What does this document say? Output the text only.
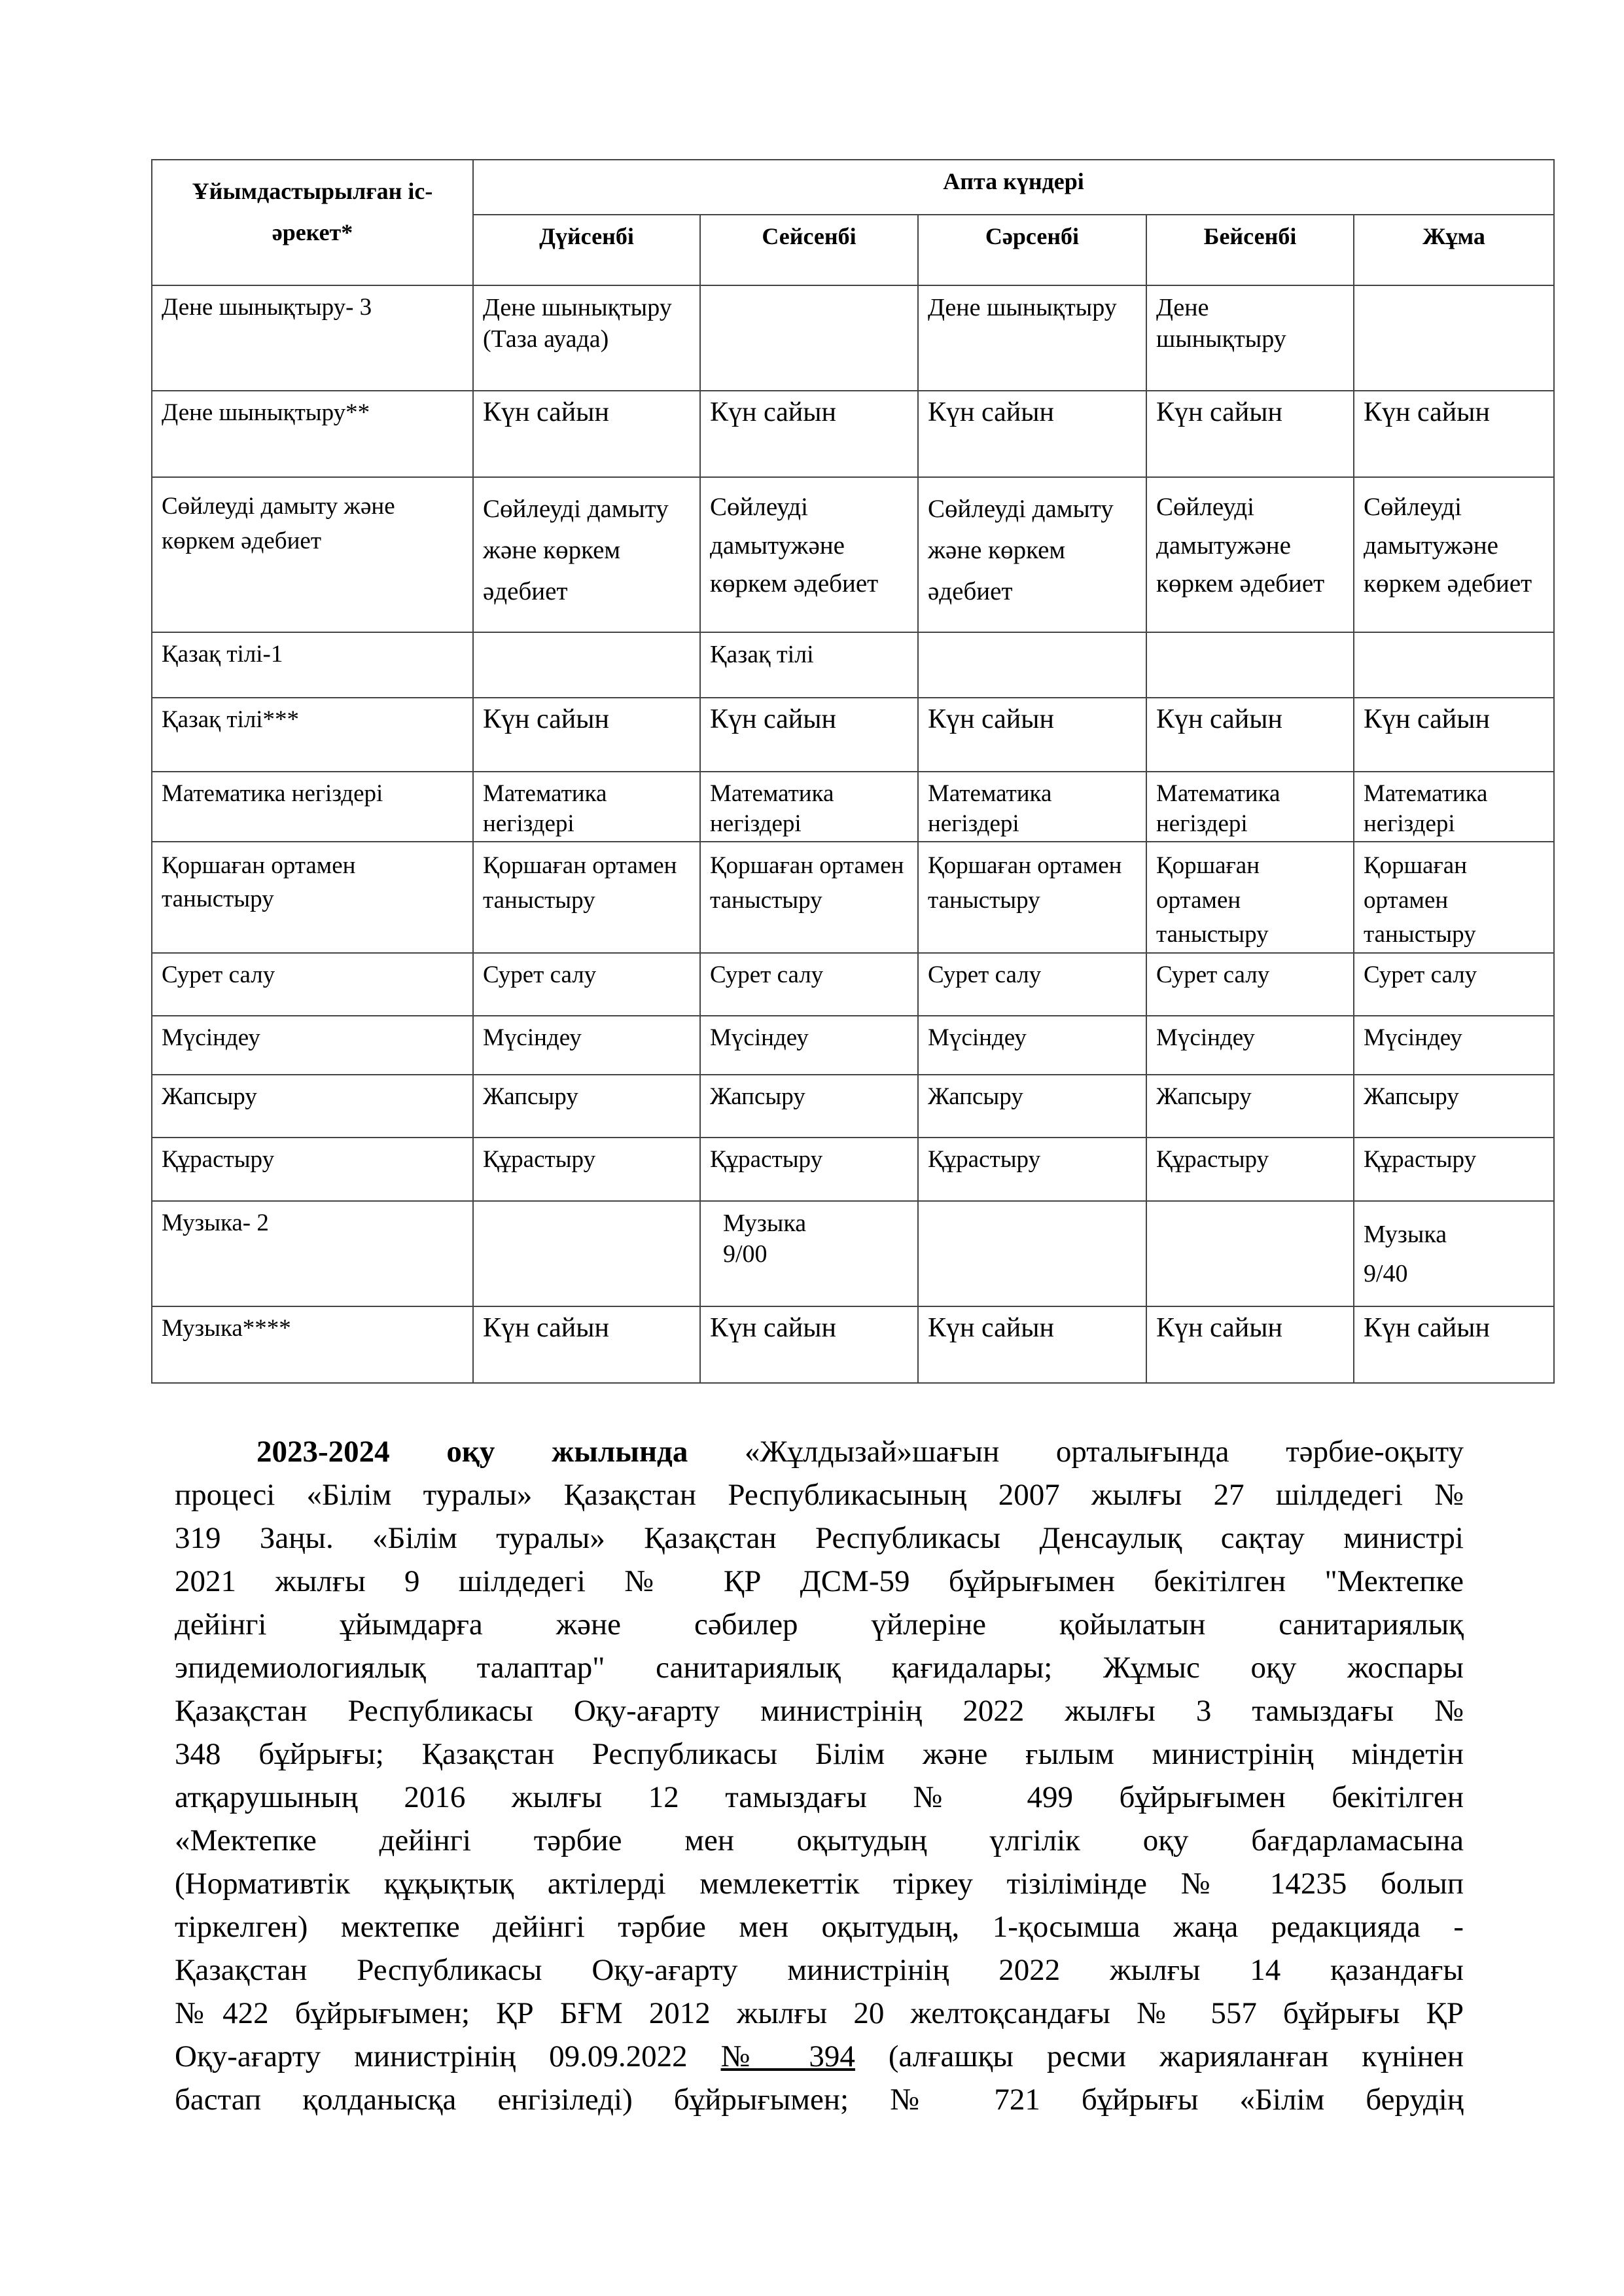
Ұйымдастырылған іс-әрекет*	Апта күндері				
	Дүйсенбі	Сейсенбі	Сәрсенбі	Бейсенбі	Жұма
Дене шынықтыру- 3	Дене шынықтыру (Таза ауада)		Дене шынықтыру	Дене шынықтыру	
Дене шынықтыру**	Күн сайын	Күн сайын	Күн сайын	Күн сайын	Күн сайын
Сөйлеуді дамыту және көркем әдебиет	Сөйлеуді дамыту және көркем әдебиет	Сөйлеуді дамытужәне көркем әдебиет	Сөйлеуді дамыту және көркем әдебиет	Сөйлеуді дамытужәне көркем әдебиет	Сөйлеуді дамытужәне көркем әдебиет
Қазақ тілі-1		Қазақ тілі			
Қазақ тілі***	Күн сайын	Күн сайын	Күн сайын	Күн сайын	Күн сайын
Математика негіздері	Математика негіздері	Математика негіздері	Математика негіздері	Математика негіздері	Математика негіздері
Қоршаған ортамен таныстыру	Қоршаған ортамен таныстыру	Қоршаған ортамен таныстыру	Қоршаған ортамен таныстыру	Қоршаған ортамен таныстыру	Қоршаған ортамен таныстыру
Сурет салу	Сурет салу	Сурет салу	Сурет салу	Сурет салу	Сурет салу
Мүсіндеу	Мүсіндеу	Мүсіндеу	Мүсіндеу	Мүсіндеу	Мүсіндеу
Жапсыру	Жапсыру	Жапсыру	Жапсыру	Жапсыру	Жапсыру
Құрастыру	Құрастыру	Құрастыру	Құрастыру	Құрастыру	Құрастыру
Музыка- 2		Музыка 9/00			Музыка 9/40

Музыка****	Күн сайын	Күн сайын	Күн сайын	Күн сайын	Күн сайын
2023-2024 оқу жылында «Жұлдызай»шағын орталығында тәрбие-оқыту
процесі «Білім туралы» Қазақстан Республикасының 2007 жылғы 27 шілдедегі №
319 Заңы. «Білім туралы» Қазақстан Республикасы Денсаулық сақтау министрі
2021 жылғы 9 шілдедегі № ҚР ДСМ-59 бұйрығымен бекітілген "Мектепке
дейінгі ұйымдарға және сәбилер үйлеріне қойылатын санитариялық
эпидемиологиялық талаптар" санитариялық қағидалары; Жұмыс оқу жоспары
Қазақстан Республикасы Оқу-ағарту министрінің 2022 жылғы 3 тамыздағы №
348 бұйрығы; Қазақстан Республикасы Білім және ғылым министрінің міндетін
атқарушының 2016 жылғы 12 тамыздағы № 499 бұйрығымен бекітілген
«Мектепке дейінгі тәрбие мен оқытудың үлгілік оқу бағдарламасына
(Нормативтік құқықтық актілерді мемлекеттік тіркеу тізілімінде № 14235 болып
тіркелген) мектепке дейінгі тәрбие мен оқытудың, 1-қосымша жаңа редакцияда -
Қазақстан Республикасы Оқу-ағарту министрінің 2022 жылғы 14 қазандағы
№422 бұйрығымен; ҚР БҒМ 2012 жылғы 20 желтоқсандағы № 557 бұйрығы ҚР
Оқу-ағарту министрінің 09.09.2022 № 394 (алғашқы ресми жарияланған күнінен
бастап қолданысқа енгізіледі) бұйрығымен; № 721 бұйрығы «Білім берудің
